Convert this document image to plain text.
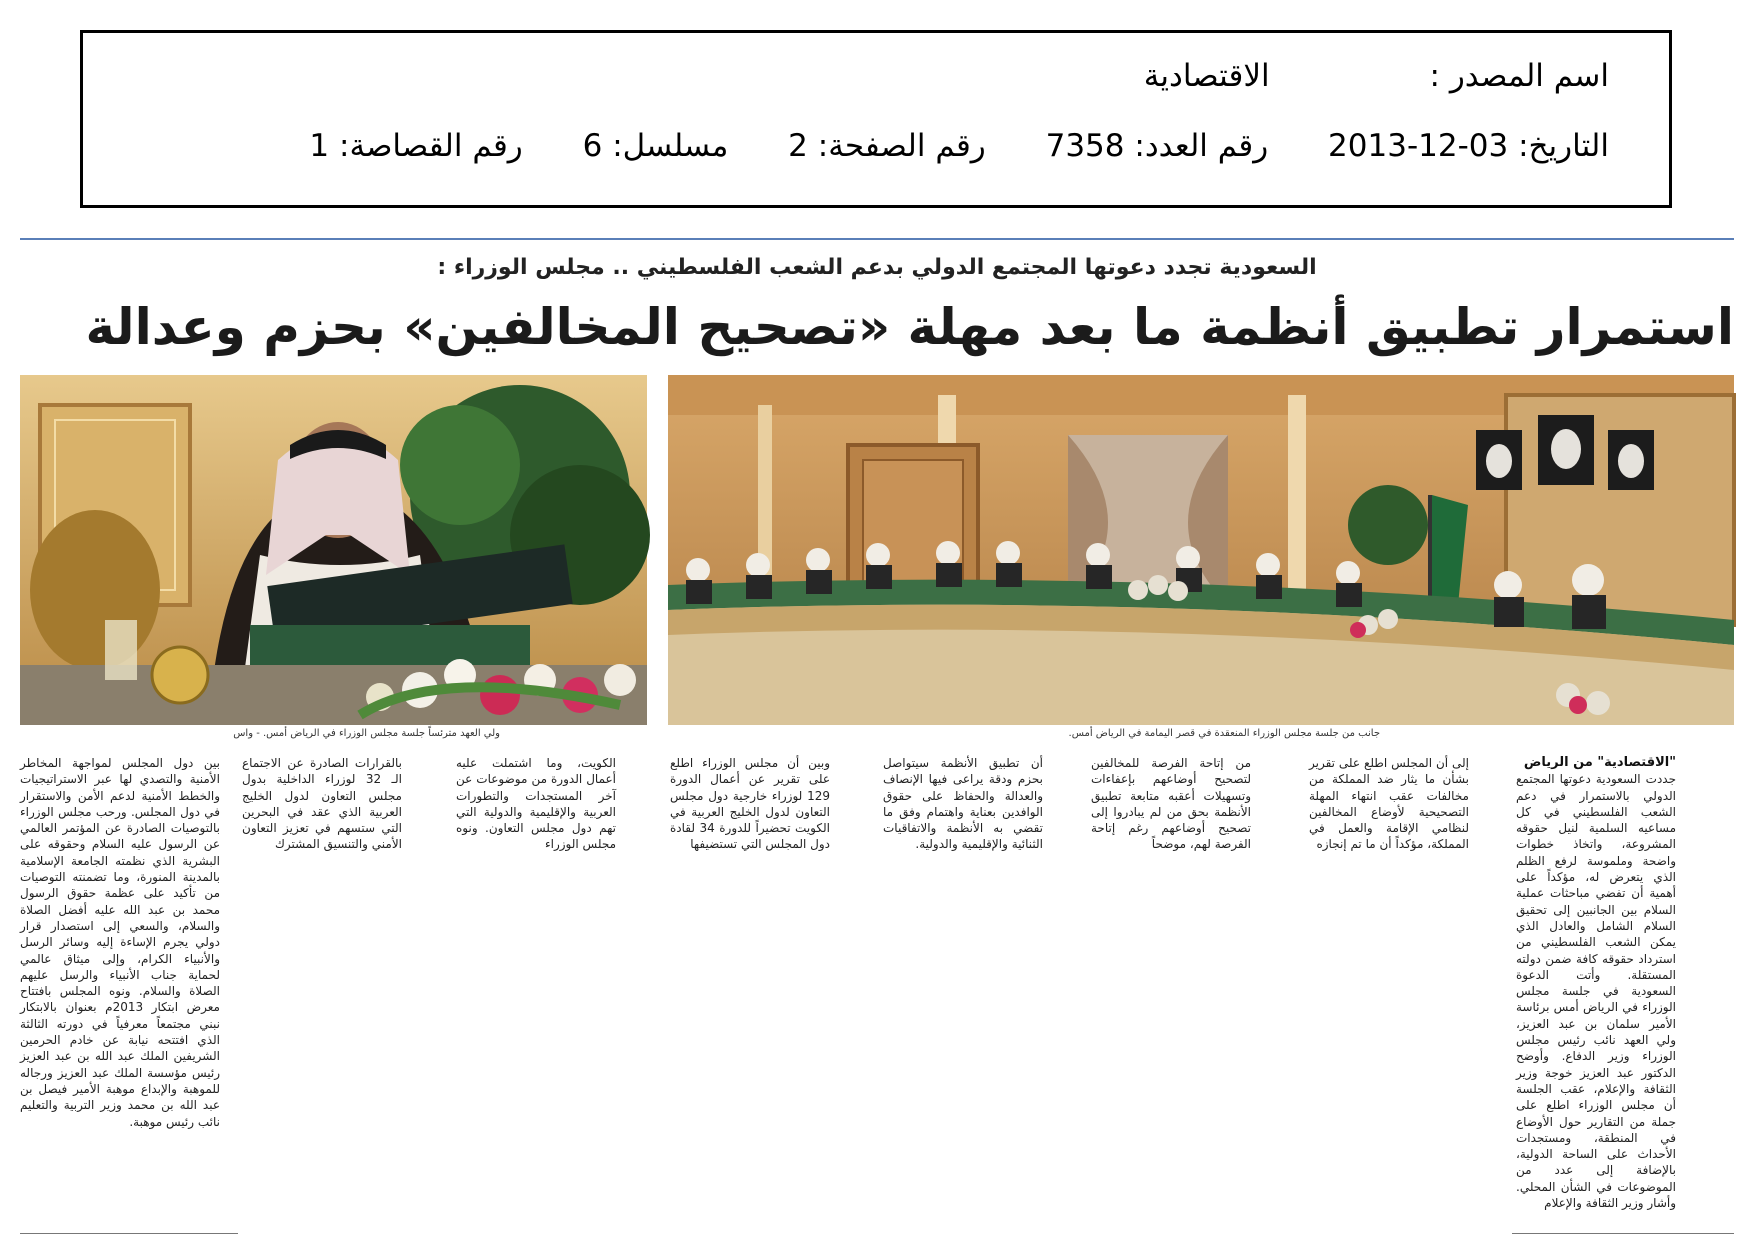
اسم المصدر : الاقتصادية
التاريخ: 2013-12-03 رقم العدد: 7358 رقم الصفحة: 2 مسلسل: 6 رقم القصاصة: 1
السعودية تجدد دعوتها المجتمع الدولي بدعم الشعب الفلسطيني .. مجلس الوزراء :
استمرار تطبيق أنظمة ما بعد مهلة «تصحيح المخالفين» بحزم وعدالة
ولي العهد مترئساً جلسة مجلس الوزراء في الرياض أمس. - واس	جانب من جلسة مجلس الوزراء المنعقدة في قصر اليمامة في الرياض أمس.
"الاقتصادية" من الرياض
جددت السعودية دعوتها المجتمع الدولي بالاستمرار في دعم الشعب الفلسطيني في كل مساعيه السلمية لنيل حقوقه المشروعة، واتخاذ خطوات واضحة وملموسة لرفع الظلم الذي يتعرض له، مؤكداً على أهمية أن تفضي مباحثات عملية السلام بين الجانبين إلى تحقيق السلام الشامل والعادل الذي يمكن الشعب الفلسطيني من استرداد حقوقه كافة ضمن دولته المستقلة. وأتت الدعوة السعودية في جلسة مجلس الوزراء في الرياض أمس برئاسة الأمير سلمان بن عبد العزيز، ولي العهد نائب رئيس مجلس الوزراء وزير الدفاع. وأوضح الدكتور عبد العزيز خوجة وزير الثقافة والإعلام، عقب الجلسة أن مجلس الوزراء اطلع على جملة من التقارير حول الأوضاع في المنطقة، ومستجدات الأحداث على الساحة الدولية، بالإضافة إلى عدد من الموضوعات في الشأن المحلي. وأشار وزير الثقافة والإعلام
إلى أن المجلس اطلع على تقرير بشأن ما يثار ضد المملكة من مخالفات عقب انتهاء المهلة التصحيحية لأوضاع المخالفين لنظامي الإقامة والعمل في المملكة، مؤكداً أن ما تم إنجازه
من إتاحة الفرصة للمخالفين لتصحيح أوضاعهم بإعفاءات وتسهيلات أعقبه متابعة تطبيق الأنظمة بحق من لم يبادروا إلى تصحيح أوضاعهم رغم إتاحة الفرصة لهم، موضحاً
أن تطبيق الأنظمة سيتواصل بحزم ودقة يراعى فيها الإنصاف والعدالة والحفاظ على حقوق الوافدين بعناية واهتمام وفق ما تقضي به الأنظمة والاتفاقيات الثنائية والإقليمية والدولية.
وبين أن مجلس الوزراء اطلع على تقرير عن أعمال الدورة 129 لوزراء خارجية دول مجلس التعاون لدول الخليج العربية في الكويت تحضيراً للدورة 34 لقادة دول المجلس التي تستضيفها
الكويت، وما اشتملت عليه أعمال الدورة من موضوعات عن آخر المستجدات والتطورات العربية والإقليمية والدولية التي تهم دول مجلس التعاون. ونوه مجلس الوزراء
بالقرارات الصادرة عن الاجتماع الـ 32 لوزراء الداخلية بدول مجلس التعاون لدول الخليج العربية الذي عقد في البحرين التي ستسهم في تعزيز التعاون الأمني والتنسيق المشترك
بين دول المجلس لمواجهة المخاطر الأمنية والتصدي لها عبر الاستراتيجيات والخطط الأمنية لدعم الأمن والاستقرار في دول المجلس. ورحب مجلس الوزراء بالتوصيات الصادرة عن المؤتمر العالمي عن الرسول عليه السلام وحقوقه على البشرية الذي نظمته الجامعة الإسلامية بالمدينة المنورة، وما تضمنته التوصيات من تأكيد على عظمة حقوق الرسول محمد بن عبد الله عليه أفضل الصلاة والسلام، والسعي إلى استصدار قرار دولي يجرم الإساءة إليه وسائر الرسل والأنبياء الكرام، وإلى ميثاق عالمي لحماية جناب الأنبياء والرسل عليهم الصلاة والسلام. ونوه المجلس بافتتاح معرض ابتكار 2013م بعنوان بالابتكار نبني مجتمعاً معرفياً في دورته الثالثة الذي افتتحه نيابة عن خادم الحرمين الشريفين الملك عبد الله بن عبد العزيز رئيس مؤسسة الملك عبد العزيز ورجاله للموهبة والإبداع موهبة الأمير فيصل بن عبد الله بن محمد وزير التربية والتعليم نائب رئيس موهبة.
